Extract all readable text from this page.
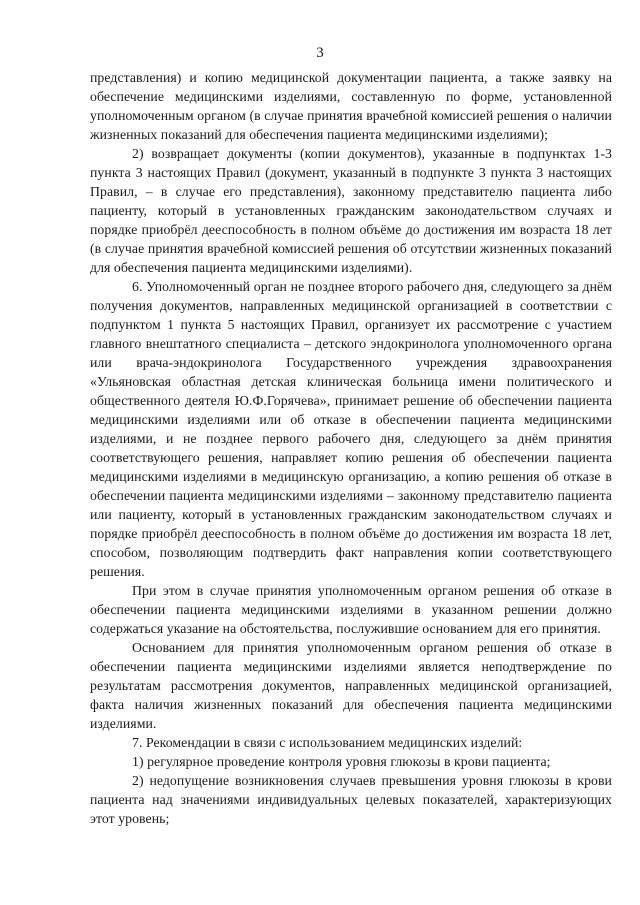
3

представления) и копию медицинской документации пациента, а также заявку на обеспечение медицинскими изделиями, составленную по форме, установленной уполномоченным органом (в случае принятия врачебной комиссией решения о наличии жизненных показаний для обеспечения пациента медицинскими изделиями);

2) возвращает документы (копии документов), указанные в подпунктах 1-3 пункта 3 настоящих Правил (документ, указанный в подпункте 3 пункта 3 настоящих Правил, – в случае его представления), законному представителю пациента либо пациенту, который в установленных гражданским законодательством случаях и порядке приобрёл дееспособность в полном объёме до достижения им возраста 18 лет (в случае принятия врачебной комиссией решения об отсутствии жизненных показаний для обеспечения пациента медицинскими изделиями).

6. Уполномоченный орган не позднее второго рабочего дня, следующего за днём получения документов, направленных медицинской организацией в соответствии с подпунктом 1 пункта 5 настоящих Правил, организует их рассмотрение с участием главного внештатного специалиста – детского эндокринолога уполномоченного органа или врача-эндокринолога Государственного учреждения здравоохранения «Ульяновская областная детская клиническая больница имени политического и общественного деятеля Ю.Ф.Горячева», принимает решение об обеспечении пациента медицинскими изделиями или об отказе в обеспечении пациента медицинскими изделиями, и не позднее первого рабочего дня, следующего за днём принятия соответствующего решения, направляет копию решения об обеспечении пациента медицинскими изделиями в медицинскую организацию, а копию решения об отказе в обеспечении пациента медицинскими изделиями – законному представителю пациента или пациенту, который в установленных гражданским законодательством случаях и порядке приобрёл дееспособность в полном объёме до достижения им возраста 18 лет, способом, позволяющим подтвердить факт направления копии соответствующего решения.

При этом в случае принятия уполномоченным органом решения об отказе в обеспечении пациента медицинскими изделиями в указанном решении должно содержаться указание на обстоятельства, послужившие основанием для его принятия.

Основанием для принятия уполномоченным органом решения об отказе в обеспечении пациента медицинскими изделиями является неподтверждение по результатам рассмотрения документов, направленных медицинской организацией, факта наличия жизненных показаний для обеспечения пациента медицинскими изделиями.

7. Рекомендации в связи с использованием медицинских изделий:

1) регулярное проведение контроля уровня глюкозы в крови пациента;

2) недопущение возникновения случаев превышения уровня глюкозы в крови пациента над значениями индивидуальных целевых показателей, характеризующих этот уровень;
